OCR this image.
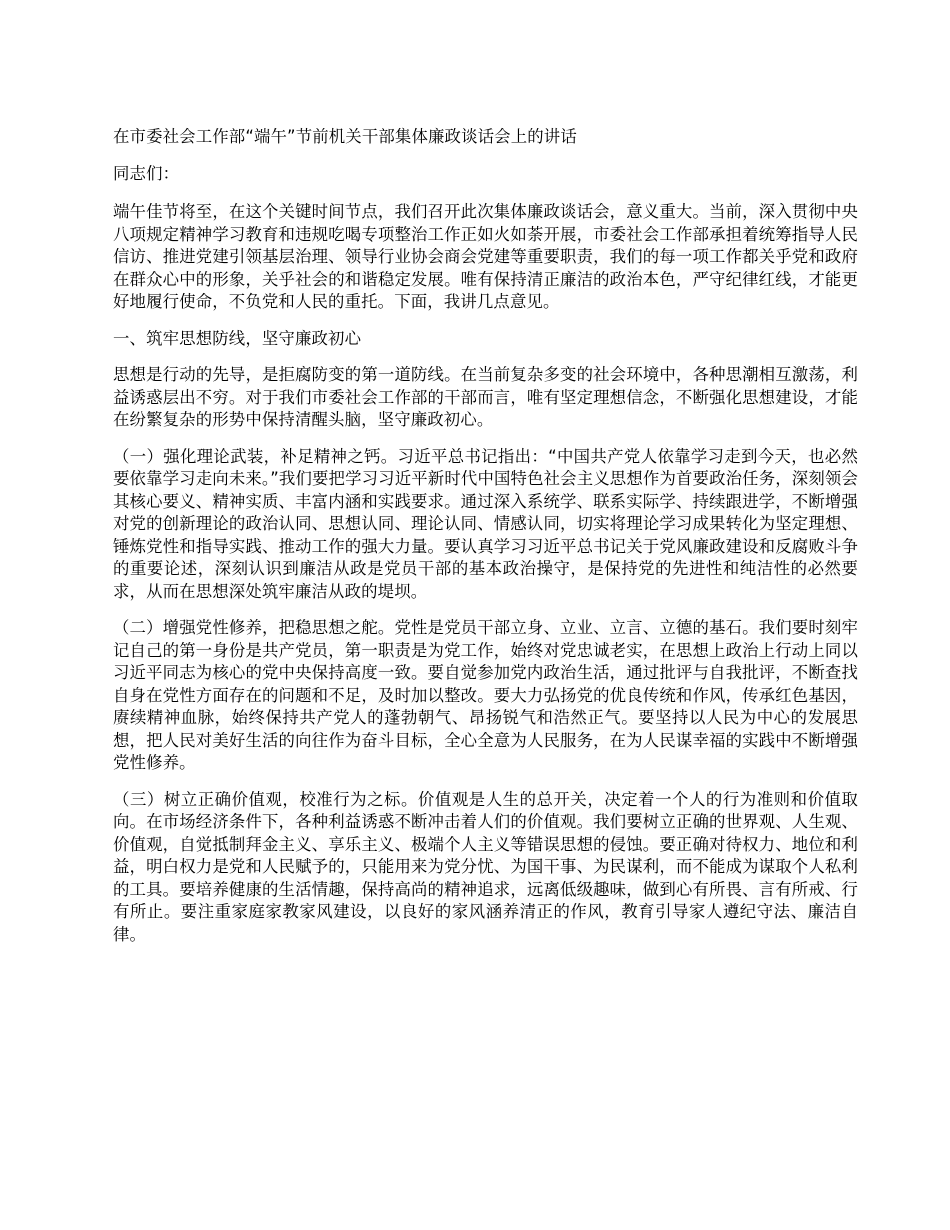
在市委社会工作部“端午”节前机关干部集体廉政谈话会上的讲话

同志们：

端午佳节将至，在这个关键时间节点，我们召开此次集体廉政谈话会，意义重大。当前，深入贯彻中央八项规定精神学习教育和违规吃喝专项整治工作正如火如荼开展，市委社会工作部承担着统筹指导人民信访、推进党建引领基层治理、领导行业协会商会党建等重要职责，我们的每一项工作都关乎党和政府在群众心中的形象，关乎社会的和谐稳定发展。唯有保持清正廉洁的政治本色，严守纪律红线，才能更好地履行使命，不负党和人民的重托。下面，我讲几点意见。

一、筑牢思想防线，坚守廉政初心

思想是行动的先导，是拒腐防变的第一道防线。在当前复杂多变的社会环境中，各种思潮相互激荡，利益诱惑层出不穷。对于我们市委社会工作部的干部而言，唯有坚定理想信念，不断强化思想建设，才能在纷繁复杂的形势中保持清醒头脑，坚守廉政初心。

（一）强化理论武装，补足精神之钙。习近平总书记指出：“中国共产党人依靠学习走到今天，也必然要依靠学习走向未来。”我们要把学习习近平新时代中国特色社会主义思想作为首要政治任务，深刻领会其核心要义、精神实质、丰富内涵和实践要求。通过深入系统学、联系实际学、持续跟进学，不断增强对党的创新理论的政治认同、思想认同、理论认同、情感认同，切实将理论学习成果转化为坚定理想、锤炼党性和指导实践、推动工作的强大力量。要认真学习习近平总书记关于党风廉政建设和反腐败斗争的重要论述，深刻认识到廉洁从政是党员干部的基本政治操守，是保持党的先进性和纯洁性的必然要求，从而在思想深处筑牢廉洁从政的堤坝。

（二）增强党性修养，把稳思想之舵。党性是党员干部立身、立业、立言、立德的基石。我们要时刻牢记自己的第一身份是共产党员，第一职责是为党工作，始终对党忠诚老实，在思想上政治上行动上同以习近平同志为核心的党中央保持高度一致。要自觉参加党内政治生活，通过批评与自我批评，不断查找自身在党性方面存在的问题和不足，及时加以整改。要大力弘扬党的优良传统和作风，传承红色基因，赓续精神血脉，始终保持共产党人的蓬勃朝气、昂扬锐气和浩然正气。要坚持以人民为中心的发展思想，把人民对美好生活的向往作为奋斗目标，全心全意为人民服务，在为人民谋幸福的实践中不断增强党性修养。

（三）树立正确价值观，校准行为之标。价值观是人生的总开关，决定着一个人的行为准则和价值取向。在市场经济条件下，各种利益诱惑不断冲击着人们的价值观。我们要树立正确的世界观、人生观、价值观，自觉抵制拜金主义、享乐主义、极端个人主义等错误思想的侵蚀。要正确对待权力、地位和利益，明白权力是党和人民赋予的，只能用来为党分忧、为国干事、为民谋利，而不能成为谋取个人私利的工具。要培养健康的生活情趣，保持高尚的精神追求，远离低级趣味，做到心有所畏、言有所戒、行有所止。要注重家庭家教家风建设，以良好的家风涵养清正的作风，教育引导家人遵纪守法、廉洁自律。
